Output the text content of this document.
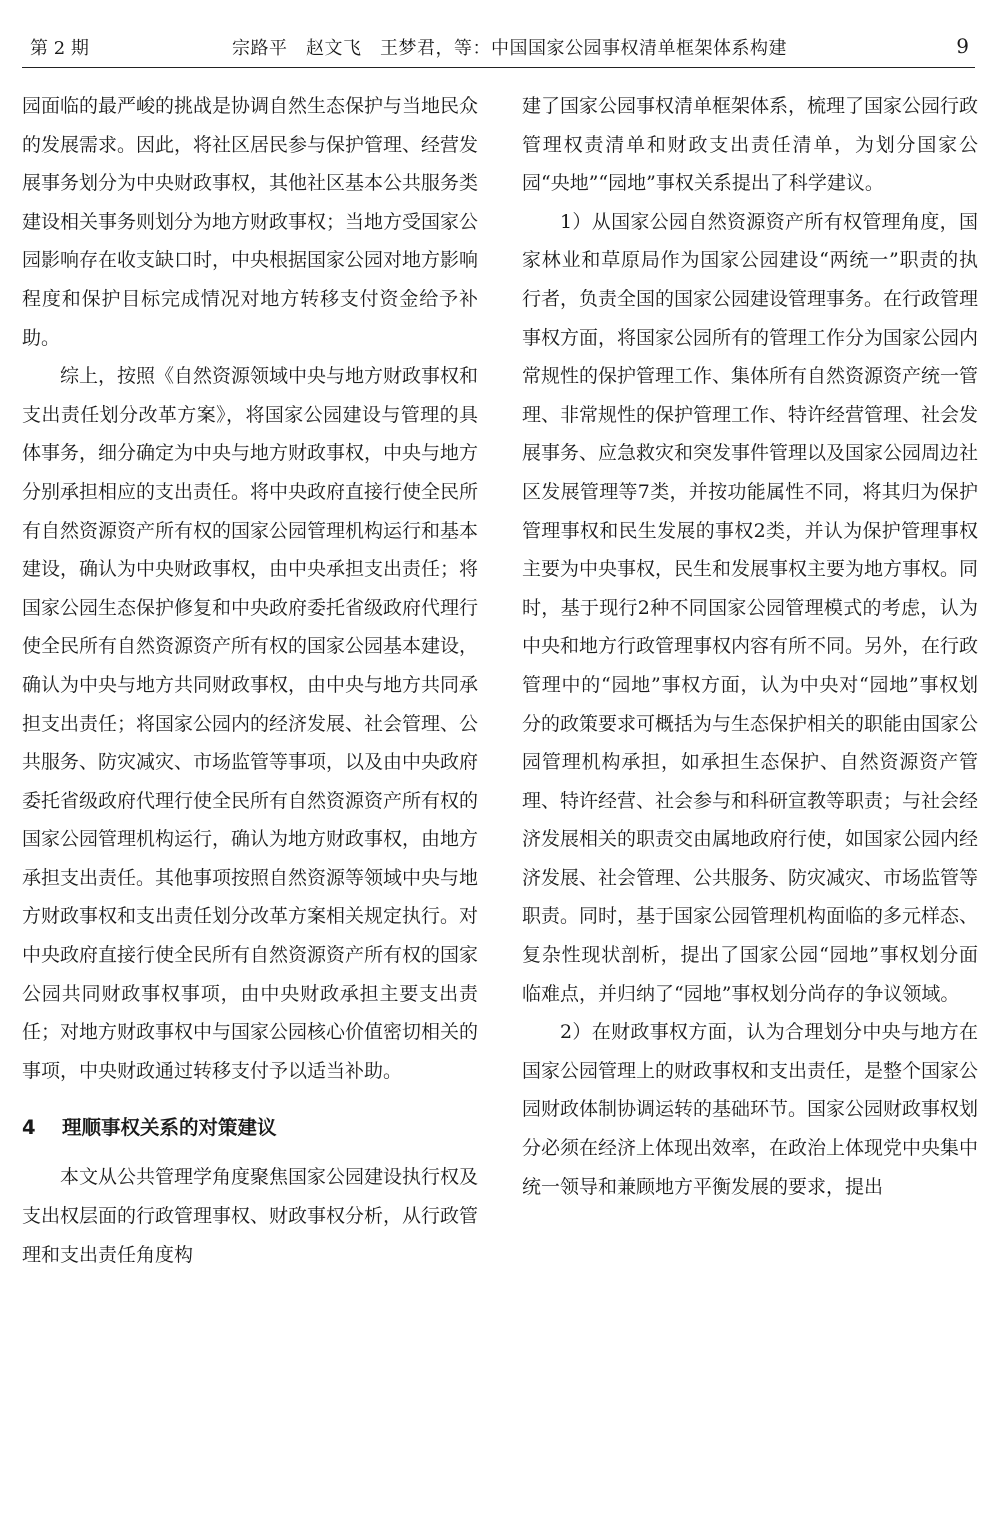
第 2 期	宗路平　赵文飞　王梦君，等：中国国家公园事权清单框架体系构建	9

园面临的最严峻的挑战是协调自然生态保护与当地民众的发展需求。因此，将社区居民参与保护管理、经营发展事务划分为中央财政事权，其他社区基本公共服务类建设相关事务则划分为地方财政事权；当地方受国家公园影响存在收支缺口时，中央根据国家公园对地方影响程度和保护目标完成情况对地方转移支付资金给予补助。

综上，按照《自然资源领域中央与地方财政事权和支出责任划分改革方案》，将国家公园建设与管理的具体事务，细分确定为中央与地方财政事权，中央与地方分别承担相应的支出责任。将中央政府直接行使全民所有自然资源资产所有权的国家公园管理机构运行和基本建设，确认为中央财政事权，由中央承担支出责任；将国家公园生态保护修复和中央政府委托省级政府代理行使全民所有自然资源资产所有权的国家公园基本建设，确认为中央与地方共同财政事权，由中央与地方共同承担支出责任；将国家公园内的经济发展、社会管理、公共服务、防灾减灾、市场监管等事项，以及由中央政府委托省级政府代理行使全民所有自然资源资产所有权的国家公园管理机构运行，确认为地方财政事权，由地方承担支出责任。其他事项按照自然资源等领域中央与地方财政事权和支出责任划分改革方案相关规定执行。对中央政府直接行使全民所有自然资源资产所有权的国家公园共同财政事权事项，由中央财政承担主要支出责任；对地方财政事权中与国家公园核心价值密切相关的事项，中央财政通过转移支付予以适当补助。

4 理顺事权关系的对策建议

本文从公共管理学角度聚焦国家公园建设执行权及支出权层面的行政管理事权、财政事权分析，从行政管理和支出责任角度构

建了国家公园事权清单框架体系，梳理了国家公园行政管理权责清单和财政支出责任清单，为划分国家公园“央地”“园地”事权关系提出了科学建议。

1）从国家公园自然资源资产所有权管理角度，国家林业和草原局作为国家公园建设“两统一”职责的执行者，负责全国的国家公园建设管理事务。在行政管理事权方面，将国家公园所有的管理工作分为国家公园内常规性的保护管理工作、集体所有自然资源资产统一管理、非常规性的保护管理工作、特许经营管理、社会发展事务、应急救灾和突发事件管理以及国家公园周边社区发展管理等7类，并按功能属性不同，将其归为保护管理事权和民生发展的事权2类，并认为保护管理事权主要为中央事权，民生和发展事权主要为地方事权。同时，基于现行2种不同国家公园管理模式的考虑，认为中央和地方行政管理事权内容有所不同。另外，在行政管理中的“园地”事权方面，认为中央对“园地”事权划分的政策要求可概括为与生态保护相关的职能由国家公园管理机构承担，如承担生态保护、自然资源资产管理、特许经营、社会参与和科研宣教等职责；与社会经济发展相关的职责交由属地政府行使，如国家公园内经济发展、社会管理、公共服务、防灾减灾、市场监管等职责。同时，基于国家公园管理机构面临的多元样态、复杂性现状剖析，提出了国家公园“园地”事权划分面临难点，并归纳了“园地”事权划分尚存的争议领域。

2）在财政事权方面，认为合理划分中央与地方在国家公园管理上的财政事权和支出责任，是整个国家公园财政体制协调运转的基础环节。国家公园财政事权划分必须在经济上体现出效率，在政治上体现党中央集中统一领导和兼顾地方平衡发展的要求，提出
